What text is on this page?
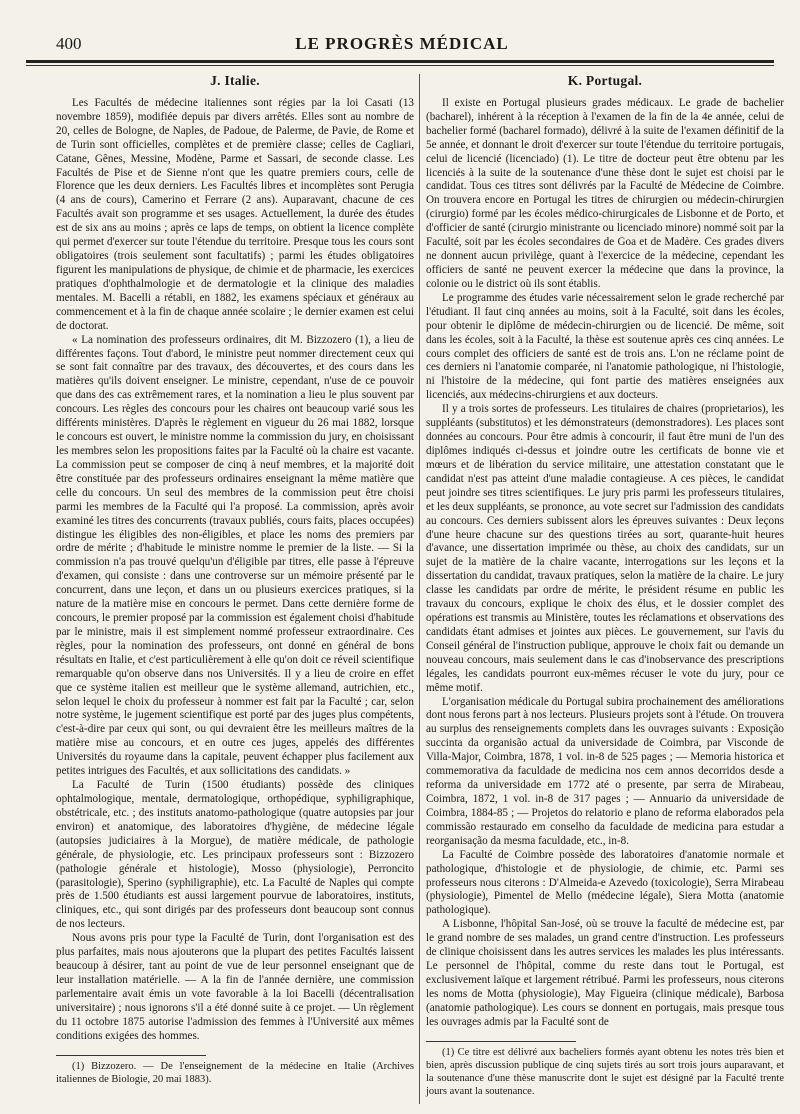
400	LE PROGRÈS MÉDICAL
J. Italie.

Les Facultés de médecine italiennes sont régies par la loi Casati (13 novembre 1859), modifiée depuis par divers arrêtés. Elles sont au nombre de 20, celles de Bologne, de Naples, de Padoue, de Palerme, de Pavie, de Rome et de Turin sont officielles, complètes et de première classe; celles de Cagliari, Catane, Gênes, Messine, Modène, Parme et Sassari, de seconde classe. Les Facultés de Pise et de Sienne n'ont que les quatre premiers cours, celle de Florence que les deux derniers. Les Facultés libres et incomplètes sont Perugia (4 ans de cours), Camerino et Ferrare (2 ans). Auparavant, chacune de ces Facultés avait son programme et ses usages. Actuellement, la durée des études est de six ans au moins ; après ce laps de temps, on obtient la licence complète qui permet d'exercer sur toute l'étendue du territoire. Presque tous les cours sont obligatoires (trois seulement sont facultatifs) ; parmi les études obligatoires figurent les manipulations de physique, de chimie et de pharmacie, les exercices pratiques d'ophthalmologie et de dermatologie et la clinique des maladies mentales. M. Bacelli a rétabli, en 1882, les examens spéciaux et généraux au commencement et à la fin de chaque année scolaire ; le dernier examen est celui de doctorat.

« La nomination des professeurs ordinaires, dit M. Bizzozero (1), a lieu de différentes façons. Tout d'abord, le ministre peut nommer directement ceux qui se sont fait connaître par des travaux, des découvertes, et des cours dans les matières qu'ils doivent enseigner. Le ministre, cependant, n'use de ce pouvoir que dans des cas extrêmement rares, et la nomination a lieu le plus souvent par concours. Les règles des concours pour les chaires ont beaucoup varié sous les différents ministères. D'après le règlement en vigueur du 26 mai 1882, lorsque le concours est ouvert, le ministre nomme la commission du jury, en choisissant les membres selon les propositions faites par la Faculté où la chaire est vacante. La commission peut se composer de cinq à neuf membres, et la majorité doit être constituée par des professeurs ordinaires enseignant la même matière que celle du concours. Un seul des membres de la commission peut être choisi parmi les membres de la Faculté qui l'a proposé. La commission, après avoir examiné les titres des concurrents (travaux publiés, cours faits, places occupées) distingue les éligibles des non-éligibles, et place les noms des premiers par ordre de mérite ; d'habitude le ministre nomme le premier de la liste. — Si la commission n'a pas trouvé quelqu'un d'éligible par titres, elle passe à l'épreuve d'examen, qui consiste : dans une controverse sur un mémoire présenté par le concurrent, dans une leçon, et dans un ou plusieurs exercices pratiques, si la nature de la matière mise en concours le permet. Dans cette dernière forme de concours, le premier proposé par la commission est également choisi d'habitude par le ministre, mais il est simplement nommé professeur extraordinaire. Ces règles, pour la nomination des professeurs, ont donné en général de bons résultats en Italie, et c'est particulièrement à elle qu'on doit ce réveil scientifique remarquable qu'on observe dans nos Universités. Il y a lieu de croire en effet que ce système italien est meilleur que le système allemand, autrichien, etc., selon lequel le choix du professeur à nommer est fait par la Faculté ; car, selon notre système, le jugement scientifique est porté par des juges plus compétents, c'est-à-dire par ceux qui sont, ou qui devraient être les meilleurs maîtres de la matière mise au concours, et en outre ces juges, appelés des différentes Universités du royaume dans la capitale, peuvent échapper plus facilement aux petites intrigues des Facultés, et aux sollicitations des candidats. »

La Faculté de Turin (1500 étudiants) possède des cliniques ophtalmologique, mentale, dermatologique, orthopédique, syphiligraphique, obstétricale, etc. ; des instituts anatomo-pathologique (quatre autopsies par jour environ) et anatomique, des laboratoires d'hygiène, de médecine légale (autopsies judiciaires à la Morgue), de matière médicale, de pathologie générale, de physiologie, etc. Les principaux professeurs sont : Bizzozero (pathologie générale et histologie), Mosso (physiologie), Perroncito (parasitologie), Sperino (syphiligraphie), etc. La Faculté de Naples qui compte près de 1.500 étudiants est aussi largement pourvue de laboratoires, instituts, cliniques, etc., qui sont dirigés par des professeurs dont beaucoup sont connus de nos lecteurs.

Nous avons pris pour type la Faculté de Turin, dont l'organisation est des plus parfaites, mais nous ajouterons que la plupart des petites Facultés laissent beaucoup à désirer, tant au point de vue de leur personnel enseignant que de leur installation matérielle. — A la fin de l'année dernière, une commission parlementaire avait émis un vote favorable à la loi Bacelli (décentralisation universitaire) ; nous ignorons s'il a été donné suite à ce projet. — Un règlement du 11 octobre 1875 autorise l'admission des femmes à l'Université aux mêmes conditions exigées des hommes.

(1) Bizzozero. — De l'enseignement de la médecine en Italie (Archives italiennes de Biologie, 20 mai 1883).

K. Portugal.

Il existe en Portugal plusieurs grades médicaux. Le grade de bachelier (bacharel), inhérent à la réception à l'examen de la fin de la 4e année, celui de bachelier formé (bacharel formado), délivré à la suite de l'examen définitif de la 5e année, et donnant le droit d'exercer sur toute l'étendue du territoire portugais, celui de licencié (licenciado) (1). Le titre de docteur peut être obtenu par les licenciés à la suite de la soutenance d'une thèse dont le sujet est choisi par le candidat. Tous ces titres sont délivrés par la Faculté de Médecine de Coimbre. On trouvera encore en Portugal les titres de chirurgien ou médecin-chirurgien (cirurgio) formé par les écoles médico-chirurgicales de Lisbonne et de Porto, et d'officier de santé (cirurgio ministrante ou licenciado minore) nommé soit par la Faculté, soit par les écoles secondaires de Goa et de Madère. Ces grades divers ne donnent aucun privilège, quant à l'exercice de la médecine, cependant les officiers de santé ne peuvent exercer la médecine que dans la province, la colonie ou le district où ils sont établis.

Le programme des études varie nécessairement selon le grade recherché par l'étudiant. Il faut cinq années au moins, soit à la Faculté, soit dans les écoles, pour obtenir le diplôme de médecin-chirurgien ou de licencié. De même, soit dans les écoles, soit à la Faculté, la thèse est soutenue après ces cinq années. Le cours complet des officiers de santé est de trois ans. L'on ne réclame point de ces derniers ni l'anatomie comparée, ni l'anatomie pathologique, ni l'histologie, ni l'histoire de la médecine, qui font partie des matières enseignées aux licenciés, aux médecins-chirurgiens et aux docteurs.

Il y a trois sortes de professeurs. Les titulaires de chaires (proprietarios), les suppléants (substitutos) et les démonstrateurs (demonstradores). Les places sont données au concours. Pour être admis à concourir, il faut être muni de l'un des diplômes indiqués ci-dessus et joindre outre les certificats de bonne vie et mœurs et de libération du service militaire, une attestation constatant que le candidat n'est pas atteint d'une maladie contagieuse. A ces pièces, le candidat peut joindre ses titres scientifiques. Le jury pris parmi les professeurs titulaires, et les deux suppléants, se prononce, au vote secret sur l'admission des candidats au concours. Ces derniers subissent alors les épreuves suivantes : Deux leçons d'une heure chacune sur des questions tirées au sort, quarante-huit heures d'avance, une dissertation imprimée ou thèse, au choix des candidats, sur un sujet de la matière de la chaire vacante, interrogations sur les leçons et la dissertation du candidat, travaux pratiques, selon la matière de la chaire. Le jury classe les candidats par ordre de mérite, le président résume en public les travaux du concours, explique le choix des élus, et le dossier complet des opérations est transmis au Ministère, toutes les réclamations et observations des candidats étant admises et jointes aux pièces. Le gouvernement, sur l'avis du Conseil général de l'instruction publique, approuve le choix fait ou demande un nouveau concours, mais seulement dans le cas d'inobservance des prescriptions légales, les candidats pourront eux-mêmes récuser le vote du jury, pour ce même motif.

L'organisation médicale du Portugal subira prochainement des améliorations dont nous ferons part à nos lecteurs. Plusieurs projets sont à l'étude. On trouvera au surplus des renseignements complets dans les ouvrages suivants : Exposição succinta da organisão actual da universidade de Coimbra, par Visconde de Villa-Major, Coimbra, 1878, 1 vol. in-8 de 525 pages ; — Memoria historica et commemorativa da faculdade de medicina nos cem annos decorridos desde a reforma da universidade em 1772 até o presente, par serra de Mirabeau, Coimbra, 1872, 1 vol. in-8 de 317 pages ; — Annuario da universidade de Coimbra, 1884-85 ; — Projetos do relatorio e plano de reforma elaborados pela commissão restaurado em conselho da faculdade de medicina para estudar a reorganisação da mesma faculdade, etc., in-8.

La Faculté de Coimbre possède des laboratoires d'anatomie normale et pathologique, d'histologie et de physiologie, de chimie, etc. Parmi ses professeurs nous citerons : D'Almeida-e Azevedo (toxicologie), Serra Mirabeau (physiologie), Pimentel de Mello (médecine légale), Siera Motta (anatomie pathologique).

A Lisbonne, l'hôpital San-José, où se trouve la faculté de médecine est, par le grand nombre de ses malades, un grand centre d'instruction. Les professeurs de clinique choisissent dans les autres services les malades les plus intéressants. Le personnel de l'hôpital, comme du reste dans tout le Portugal, est exclusivement laïque et largement rétribué. Parmi les professeurs, nous citerons les noms de Motta (physiologie), May Figueira (clinique médicale), Barbosa (anatomie pathologique). Les cours se donnent en portugais, mais presque tous les ouvrages admis par la Faculté sont de

(1) Ce titre est délivré aux bacheliers formés ayant obtenu les notes très bien et bien, après discussion publique de cinq sujets tirés au sort trois jours auparavant, et la soutenance d'une thèse manuscrite dont le sujet est désigné par la Faculté trente jours avant la soutenance.
